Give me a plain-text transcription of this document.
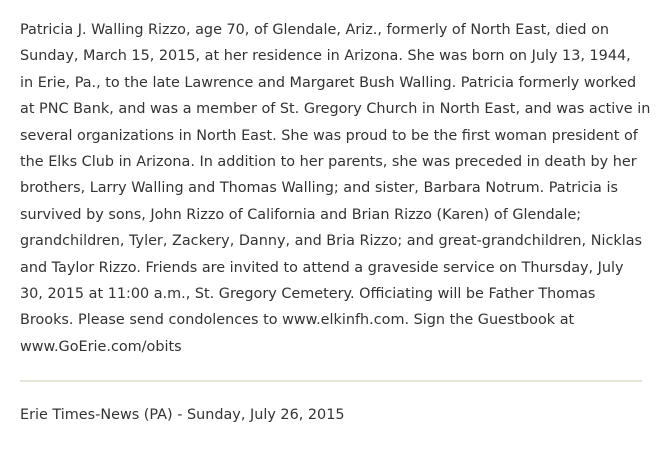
Patricia J. Walling Rizzo, age 70, of Glendale, Ariz., formerly of North East, died on
Sunday, March 15, 2015, at her residence in Arizona. She was born on July 13, 1944,
in Erie, Pa., to the late Lawrence and Margaret Bush Walling. Patricia formerly worked
at PNC Bank, and was a member of St. Gregory Church in North East, and was active in
several organizations in North East. She was proud to be the first woman president of
the Elks Club in Arizona. In addition to her parents, she was preceded in death by her
brothers, Larry Walling and Thomas Walling; and sister, Barbara Notrum. Patricia is
survived by sons, John Rizzo of California and Brian Rizzo (Karen) of Glendale;
grandchildren, Tyler, Zackery, Danny, and Bria Rizzo; and great-grandchildren, Nicklas
and Taylor Rizzo. Friends are invited to attend a graveside service on Thursday, July
30, 2015 at 11:00 a.m., St. Gregory Cemetery. Officiating will be Father Thomas
Brooks. Please send condolences to www.elkinfh.com. Sign the Guestbook at
www.GoErie.com/obits

Erie Times-News (PA) - Sunday, July 26, 2015
